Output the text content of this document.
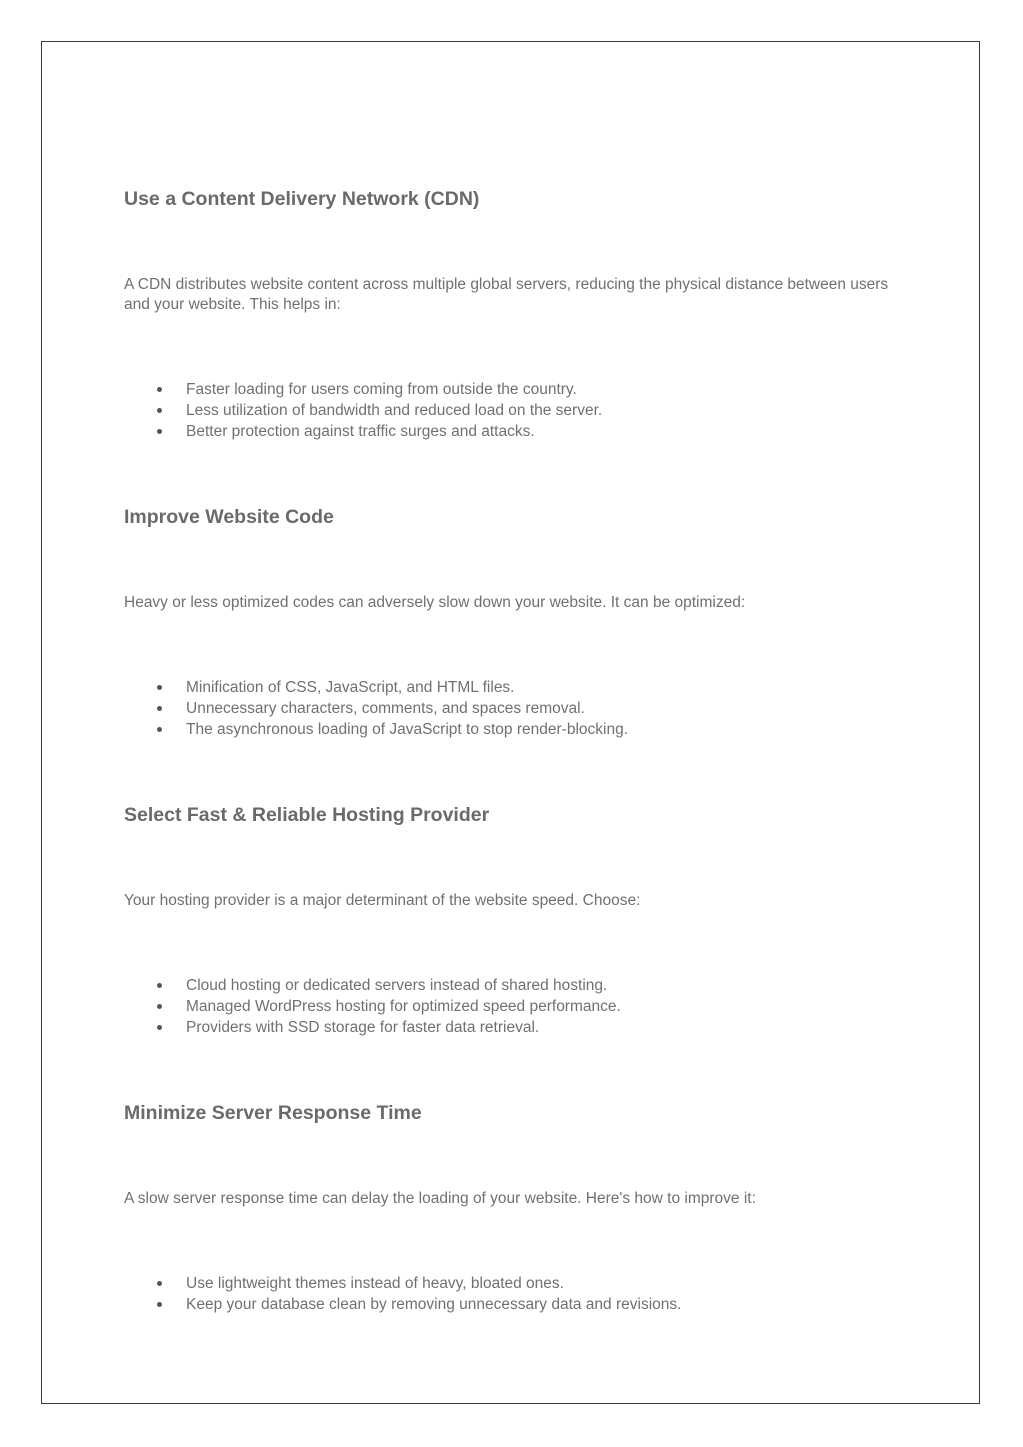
Use a Content Delivery Network (CDN)

A CDN distributes website content across multiple global servers, reducing the physical distance between users and your website. This helps in:

Faster loading for users coming from outside the country.
Less utilization of bandwidth and reduced load on the server.
Better protection against traffic surges and attacks.
Improve Website Code

Heavy or less optimized codes can adversely slow down your website. It can be optimized:

Minification of CSS, JavaScript, and HTML files.
Unnecessary characters, comments, and spaces removal.
The asynchronous loading of JavaScript to stop render-blocking.
Select Fast & Reliable Hosting Provider

Your hosting provider is a major determinant of the website speed. Choose:

Cloud hosting or dedicated servers instead of shared hosting.
Managed WordPress hosting for optimized speed performance.
Providers with SSD storage for faster data retrieval.
Minimize Server Response Time

A slow server response time can delay the loading of your website. Here's how to improve it:

Use lightweight themes instead of heavy, bloated ones.
Keep your database clean by removing unnecessary data and revisions.
